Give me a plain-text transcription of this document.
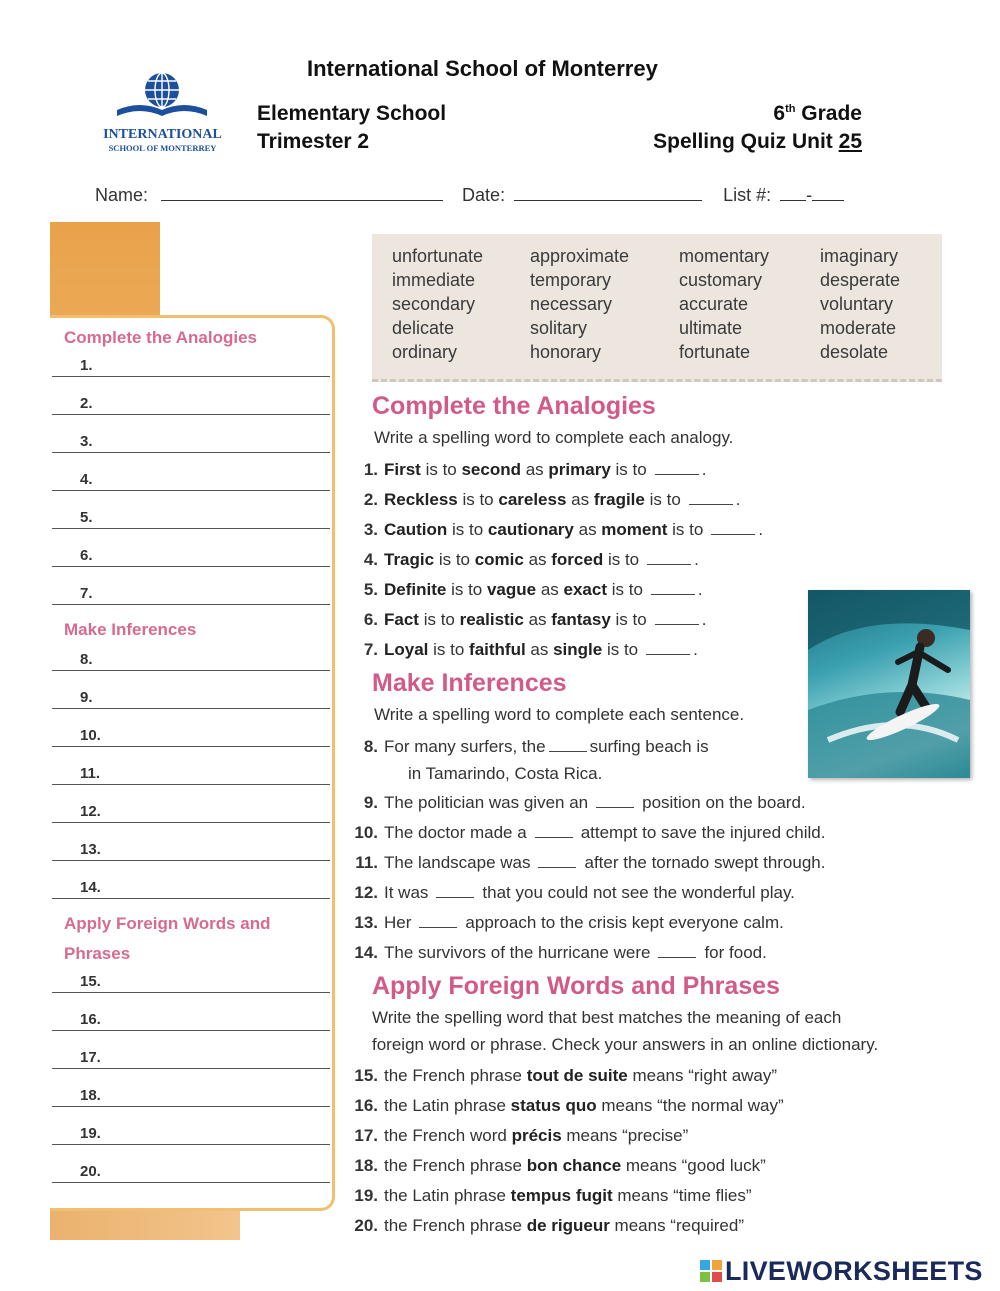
International School of Monterrey
INTERNATIONAL
SCHOOL OF MONTERREY
Elementary School
Trimester 2
6th Grade
Spelling Quiz Unit 25
Name:	Date:	List #: -
Complete the Analogies
Make Inferences
Apply Foreign Words and
Phrases
1.
2.
3.
4.
5.
6.
7.
8.
9.
10.
11.
12.
13.
14.
15.
16.
17.
18.
19.
20.
unfortunate	approximate	momentary	imaginary
immediate	temporary	customary	desperate
secondary	necessary	accurate	voluntary
delicate	solitary	ultimate	moderate
ordinary	honorary	fortunate	desolate
Complete the Analogies
Write a spelling word to complete each analogy.
1. First is to second as primary is to	.
2. Reckless is to careless as fragile is to	.
3. Caution is to cautionary as moment is to	.
4. Tragic is to comic as forced is to	.
5. Definite is to vague as exact is to	.
6. Fact is to realistic as fantasy is to	.
7. Loyal is to faithful as single is to	.
Make Inferences
Write a spelling word to complete each sentence.
8. For many surfers, the	surfing beach is
in Tamarindo, Costa Rica.
9. The politician was given an	position on the board.
10. The doctor made a	attempt to save the injured child.
11. The landscape was	after the tornado swept through.
12. It was	that you could not see the wonderful play.
13. Her	approach to the crisis kept everyone calm.
14. The survivors of the hurricane were	for food.
Apply Foreign Words and Phrases
Write the spelling word that best matches the meaning of each
foreign word or phrase. Check your answers in an online dictionary.
15. the French phrase tout de suite means “right away”
16. the Latin phrase status quo means “the normal way”
17. the French word précis means “precise”
18. the French phrase bon chance means “good luck”
19. the Latin phrase tempus fugit means “time flies”
20. the French phrase de rigueur means “required”
LIVEWORKSHEETS
